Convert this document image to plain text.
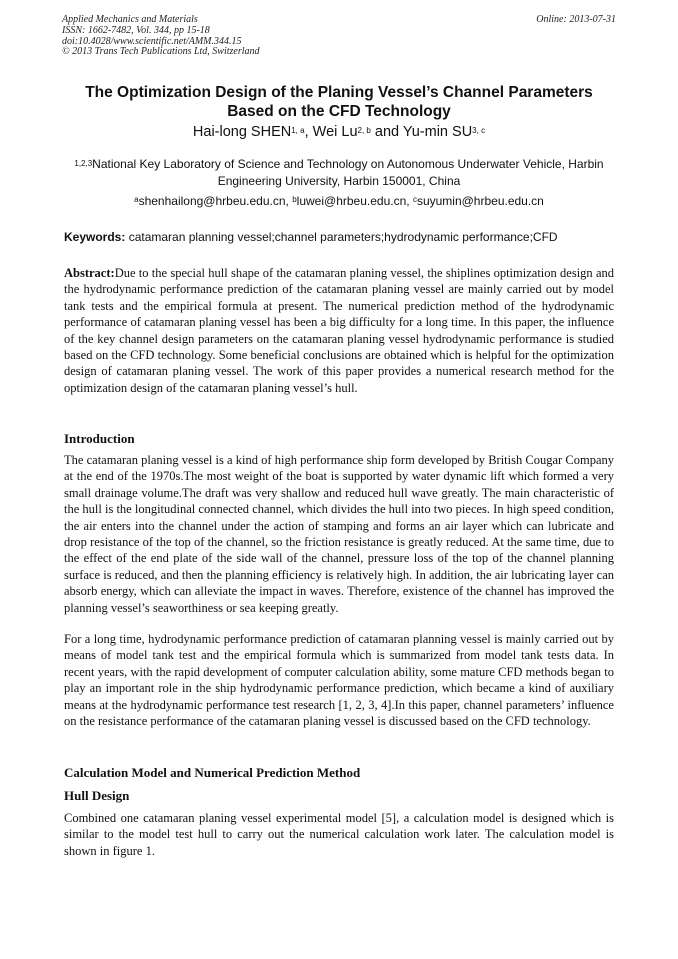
Applied Mechanics and Materials
ISSN: 1662-7482, Vol. 344, pp 15-18
doi:10.4028/www.scientific.net/AMM.344.15
© 2013 Trans Tech Publications Ltd, Switzerland
Online: 2013-07-31
The Optimization Design of the Planing Vessel’s Channel Parameters Based on the CFD Technology
Hai-long SHEN$^{1, a}$, Wei Lu$^{2, b}$ and Yu-min SU$^{3, c}$
$^{1,2,3}$National Key Laboratory of Science and Technology on Autonomous Underwater Vehicle, Harbin Engineering University, Harbin 150001, China
$^a$shenhailong@hrbeu.edu.cn, $^b$luwei@hrbeu.edu.cn, $^c$suyumin@hrbeu.edu.cn
Keywords: catamaran planning vessel;channel parameters;hydrodynamic performance;CFD
Abstract:Due to the special hull shape of the catamaran planing vessel, the shiplines optimization design and the hydrodynamic performance prediction of the catamaran planing vessel are mainly carried out by model tank tests and the empirical formula at present. The numerical prediction method of the hydrodynamic performance of catamaran planing vessel has been a big difficulty for a long time. In this paper, the influence of the key channel design parameters on the catamaran planing vessel hydrodynamic performance is studied based on the CFD technology. Some beneficial conclusions are obtained which is helpful for the optimization design of catamaran planing vessel. The work of this paper provides a numerical research method for the optimization design of the catamaran planing vessel’s hull.
Introduction
The catamaran planing vessel is a kind of high performance ship form developed by British Cougar Company at the end of the 1970s.The most weight of the boat is supported by water dynamic lift which formed a very small drainage volume.The draft was very shallow and reduced hull wave greatly. The main characteristic of the hull is the longitudinal connected channel, which divides the hull into two pieces. In high speed condition, the air enters into the channel under the action of stamping and forms an air layer which can lubricate and drop resistance of the top of the channel, so the friction resistance is greatly reduced. At the same time, due to the effect of the end plate of the side wall of the channel, pressure loss of the top of the channel planning surface is reduced, and then the planning efficiency is relatively high. In addition, the air lubricating layer can absorb energy, which can alleviate the impact in waves. Therefore, existence of the channel has improved the planning vessel’s seaworthiness or sea keeping greatly.
For a long time, hydrodynamic performance prediction of catamaran planning vessel is mainly carried out by means of model tank test and the empirical formula which is summarized from model tank tests data. In recent years, with the rapid development of computer calculation ability, some mature CFD methods began to play an important role in the ship hydrodynamic performance prediction, which became a kind of auxiliary means at the hydrodynamic performance test research [1, 2, 3, 4].In this paper, channel parameters’ influence on the resistance performance of the catamaran planing vessel is discussed based on the CFD technology.
Calculation Model and Numerical Prediction Method
Hull Design
Combined one catamaran planing vessel experimental model [5], a calculation model is designed which is similar to the model test hull to carry out the numerical calculation work later. The calculation model is shown in figure 1.
